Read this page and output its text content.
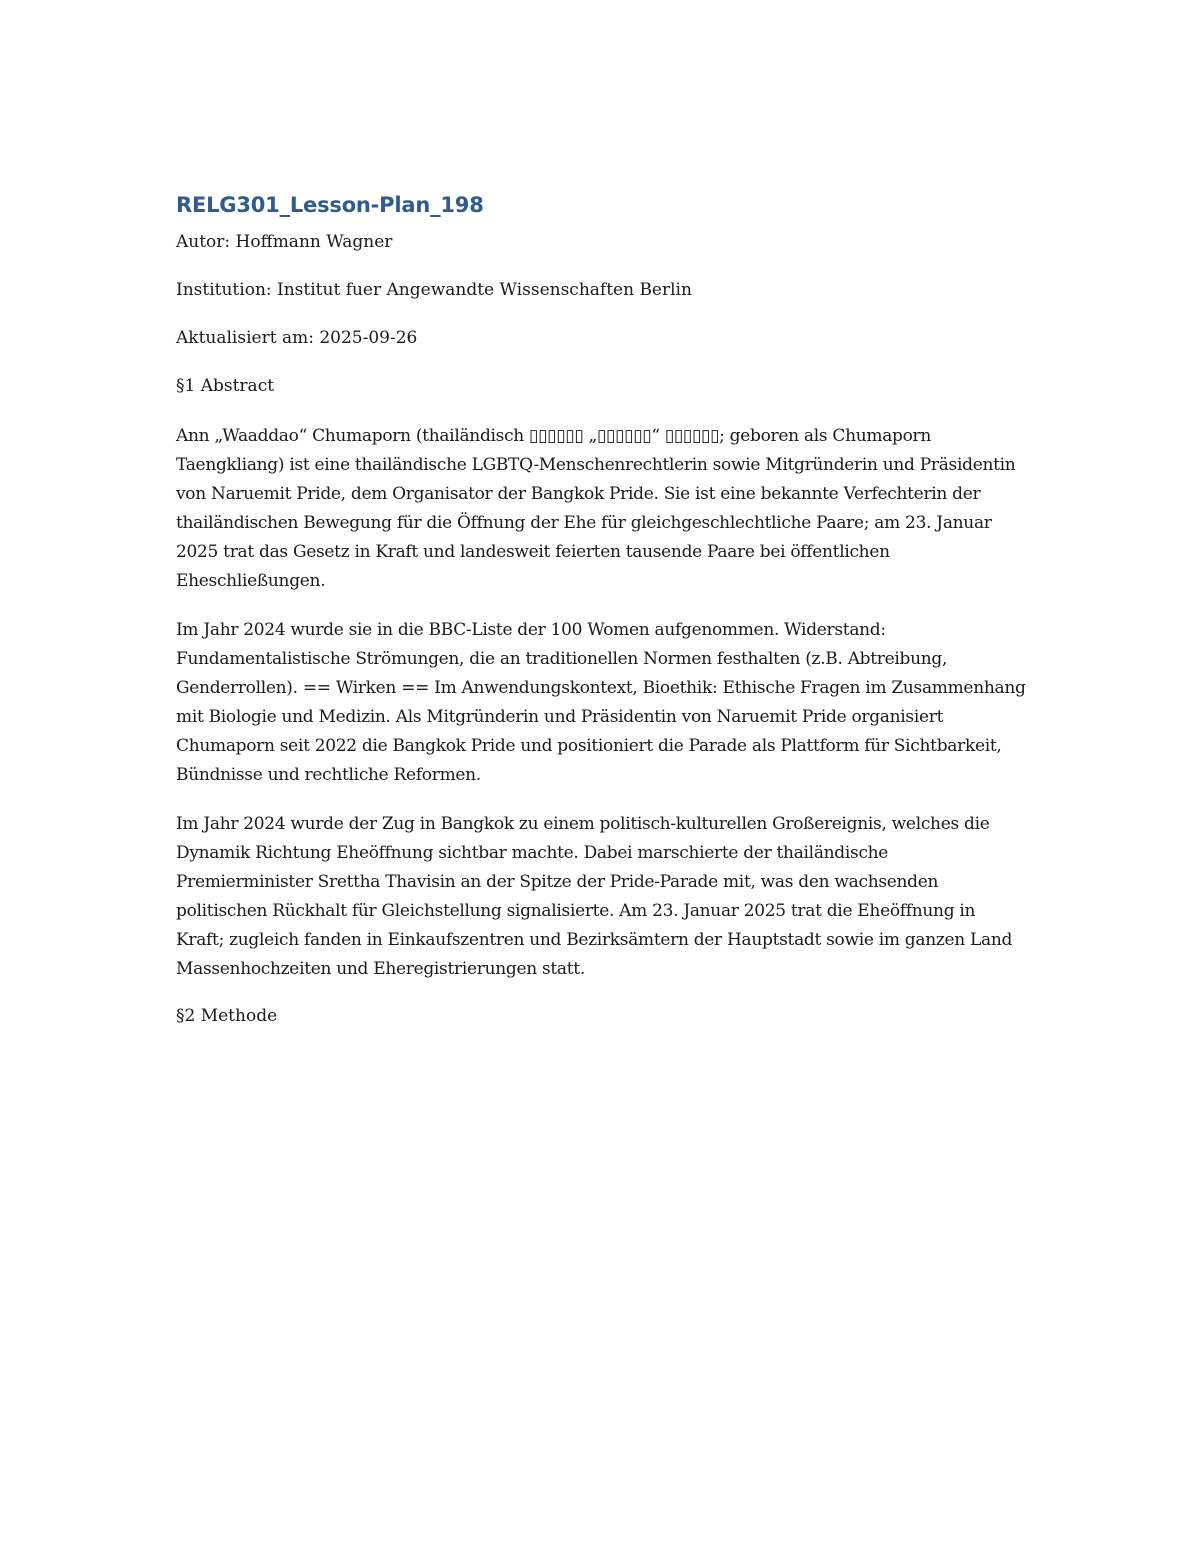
RELG301_Lesson-Plan_198

Autor: Hoffmann Wagner

Institution: Institut fuer Angewandte Wissenschaften Berlin

Aktualisiert am: 2025-09-26

§1 Abstract

Ann „Waaddao“ Chumaporn (thailändisch ▯▯▯▯▯▯ „▯▯▯▯▯▯“ ▯▯▯▯▯▯; geboren als Chumaporn Taengkliang) ist eine thailändische LGBTQ-Menschenrechtlerin sowie Mitgründerin und Präsidentin von Naruemit Pride, dem Organisator der Bangkok Pride. Sie ist eine bekannte Verfechterin der thailändischen Bewegung für die Öffnung der Ehe für gleichgeschlechtliche Paare; am 23. Januar 2025 trat das Gesetz in Kraft und landesweit feierten tausende Paare bei öffentlichen Eheschließungen.

Im Jahr 2024 wurde sie in die BBC-Liste der 100 Women aufgenommen. Widerstand: Fundamentalistische Strömungen, die an traditionellen Normen festhalten (z.B. Abtreibung, Genderrollen). == Wirken == Im Anwendungskontext, Bioethik: Ethische Fragen im Zusammenhang mit Biologie und Medizin. Als Mitgründerin und Präsidentin von Naruemit Pride organisiert Chumaporn seit 2022 die Bangkok Pride und positioniert die Parade als Plattform für Sichtbarkeit, Bündnisse und rechtliche Reformen.

Im Jahr 2024 wurde der Zug in Bangkok zu einem politisch-kulturellen Großereignis, welches die Dynamik Richtung Eheöffnung sichtbar machte. Dabei marschierte der thailändische Premierminister Srettha Thavisin an der Spitze der Pride-Parade mit, was den wachsenden politischen Rückhalt für Gleichstellung signalisierte. Am 23. Januar 2025 trat die Eheöffnung in Kraft; zugleich fanden in Einkaufszentren und Bezirksämtern der Hauptstadt sowie im ganzen Land Massenhochzeiten und Eheregistrierungen statt.

§2 Methode
